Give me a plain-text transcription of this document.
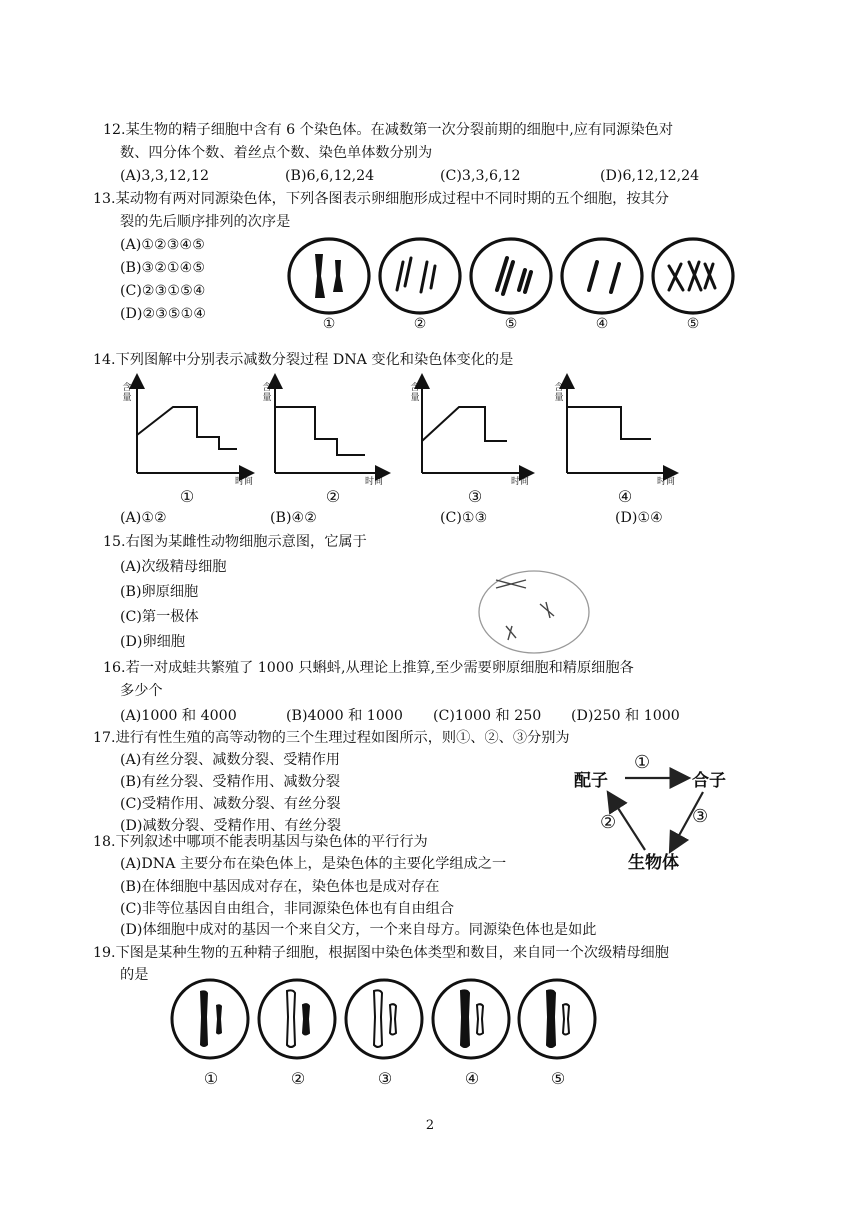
12.某生物的精子细胞中含有 6 个染色体。在减数第一次分裂前期的细胞中,应有同源染色对
数、四分体个数、着丝点个数、染色单体数分别为
(A)3,3,12,12	(B)6,6,12,24	(C)3,3,6,12	(D)6,12,12,24
13.某动物有两对同源染色体，下列各图表示卵细胞形成过程中不同时期的五个细胞，按其分
裂的先后顺序排列的次序是
(A)①②③④⑤
(B)③②①④⑤
(C)②③①⑤④
(D)②③⑤①④
①	②	⑤	④	⑤
14.下列图解中分别表示减数分裂过程 DNA 变化和染色体变化的是
含量
时间
含量
时间
含量
时间
含量
时间
①	②	③	④
(A)①②	(B)④②	(C)①③	(D)①④
15.右图为某雌性动物细胞示意图，它属于
(A)次级精母细胞
(B)卵原细胞
(C)第一极体
(D)卵细胞
16.若一对成蛙共繁殖了 1000 只蝌蚪,从理论上推算,至少需要卵原细胞和精原细胞各
多少个
(A)1000 和 4000	(B)4000 和 1000 (C)1000 和 250 (D)250 和 1000
17.进行有性生殖的高等动物的三个生理过程如图所示，则①、②、③分别为
(A)有丝分裂、减数分裂、受精作用
(B)有丝分裂、受精作用、减数分裂
(C)受精作用、减数分裂、有丝分裂
(D)减数分裂、受精作用、有丝分裂
配子	合子
生物体
①
②	③
18.下列叙述中哪项不能表明基因与染色体的平行行为
(A)DNA 主要分布在染色体上，是染色体的主要化学组成之一
(B)在体细胞中基因成对存在，染色体也是成对存在
(C)非等位基因自由组合，非同源染色体也有自由组合
(D)体细胞中成对的基因一个来自父方，一个来自母方。同源染色体也是如此
19.下图是某种生物的五种精子细胞，根据图中染色体类型和数目，来自同一个次级精母细胞
的是
①	②	③	④	⑤
2
